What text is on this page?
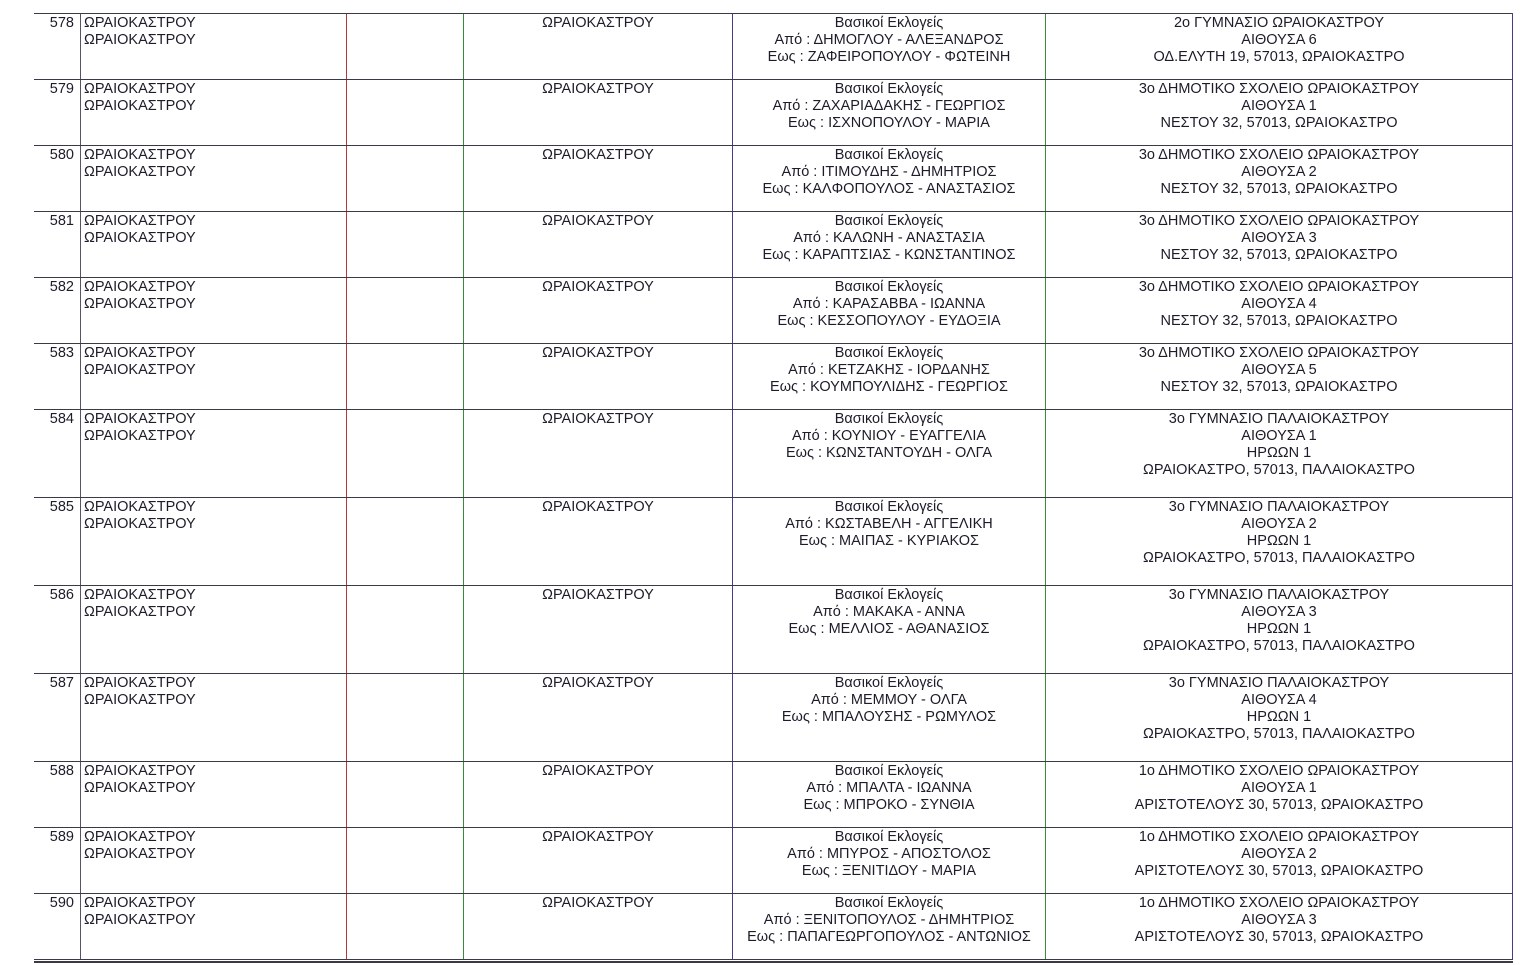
578	ΩΡΑΙΟΚΑΣΤΡΟΥ
ΩΡΑΙΟΚΑΣΤΡΟΥ		ΩΡΑΙΟΚΑΣΤΡΟΥ	Βασικοί Εκλογείς
Από : ΔΗΜΟΓΛΟΥ - ΑΛΕΞΑΝΔΡΟΣ
Εως : ΖΑΦΕΙΡΟΠΟΥΛΟΥ - ΦΩΤΕΙΝΗ	2ο ΓΥΜΝΑΣΙΟ ΩΡΑΙΟΚΑΣΤΡΟΥ
ΑΙΘΟΥΣΑ 6
ΟΔ.ΕΛΥΤΗ 19, 57013, ΩΡΑΙΟΚΑΣΤΡΟ

579	ΩΡΑΙΟΚΑΣΤΡΟΥ
ΩΡΑΙΟΚΑΣΤΡΟΥ		ΩΡΑΙΟΚΑΣΤΡΟΥ	Βασικοί Εκλογείς
Από : ΖΑΧΑΡΙΑΔΑΚΗΣ - ΓΕΩΡΓΙΟΣ
Εως : ΙΣΧΝΟΠΟΥΛΟΥ - ΜΑΡΙΑ	3ο ΔΗΜΟΤΙΚΟ ΣΧΟΛΕΙΟ ΩΡΑΙΟΚΑΣΤΡΟΥ
ΑΙΘΟΥΣΑ 1
ΝΕΣΤΟΥ 32, 57013, ΩΡΑΙΟΚΑΣΤΡΟ

580	ΩΡΑΙΟΚΑΣΤΡΟΥ
ΩΡΑΙΟΚΑΣΤΡΟΥ		ΩΡΑΙΟΚΑΣΤΡΟΥ	Βασικοί Εκλογείς
Από : ΙΤΙΜΟΥΔΗΣ - ΔΗΜΗΤΡΙΟΣ
Εως : ΚΑΛΦΟΠΟΥΛΟΣ - ΑΝΑΣΤΑΣΙΟΣ	3ο ΔΗΜΟΤΙΚΟ ΣΧΟΛΕΙΟ ΩΡΑΙΟΚΑΣΤΡΟΥ
ΑΙΘΟΥΣΑ 2
ΝΕΣΤΟΥ 32, 57013, ΩΡΑΙΟΚΑΣΤΡΟ

581	ΩΡΑΙΟΚΑΣΤΡΟΥ
ΩΡΑΙΟΚΑΣΤΡΟΥ		ΩΡΑΙΟΚΑΣΤΡΟΥ	Βασικοί Εκλογείς
Από : ΚΑΛΩΝΗ - ΑΝΑΣΤΑΣΙΑ
Εως : ΚΑΡΑΠΤΣΙΑΣ - ΚΩΝΣΤΑΝΤΙΝΟΣ	3ο ΔΗΜΟΤΙΚΟ ΣΧΟΛΕΙΟ ΩΡΑΙΟΚΑΣΤΡΟΥ
ΑΙΘΟΥΣΑ 3
ΝΕΣΤΟΥ 32, 57013, ΩΡΑΙΟΚΑΣΤΡΟ

582	ΩΡΑΙΟΚΑΣΤΡΟΥ
ΩΡΑΙΟΚΑΣΤΡΟΥ		ΩΡΑΙΟΚΑΣΤΡΟΥ	Βασικοί Εκλογείς
Από : ΚΑΡΑΣΑΒΒΑ - ΙΩΑΝΝΑ
Εως : ΚΕΣΣΟΠΟΥΛΟΥ - ΕΥΔΟΞΙΑ	3ο ΔΗΜΟΤΙΚΟ ΣΧΟΛΕΙΟ ΩΡΑΙΟΚΑΣΤΡΟΥ
ΑΙΘΟΥΣΑ 4
ΝΕΣΤΟΥ 32, 57013, ΩΡΑΙΟΚΑΣΤΡΟ

583	ΩΡΑΙΟΚΑΣΤΡΟΥ
ΩΡΑΙΟΚΑΣΤΡΟΥ		ΩΡΑΙΟΚΑΣΤΡΟΥ	Βασικοί Εκλογείς
Από : ΚΕΤΖΑΚΗΣ - ΙΟΡΔΑΝΗΣ
Εως : ΚΟΥΜΠΟΥΛΙΔΗΣ - ΓΕΩΡΓΙΟΣ	3ο ΔΗΜΟΤΙΚΟ ΣΧΟΛΕΙΟ ΩΡΑΙΟΚΑΣΤΡΟΥ
ΑΙΘΟΥΣΑ 5
ΝΕΣΤΟΥ 32, 57013, ΩΡΑΙΟΚΑΣΤΡΟ

584	ΩΡΑΙΟΚΑΣΤΡΟΥ
ΩΡΑΙΟΚΑΣΤΡΟΥ		ΩΡΑΙΟΚΑΣΤΡΟΥ	Βασικοί Εκλογείς
Από : ΚΟΥΝΙΟΥ - ΕΥΑΓΓΕΛΙΑ
Εως : ΚΩΝΣΤΑΝΤΟΥΔΗ - ΟΛΓΑ	3ο ΓΥΜΝΑΣΙΟ ΠΑΛΑΙΟΚΑΣΤΡΟΥ
ΑΙΘΟΥΣΑ 1
ΗΡΩΩΝ 1
ΩΡΑΙΟΚΑΣΤΡΟ, 57013, ΠΑΛΑΙΟΚΑΣΤΡΟ

585	ΩΡΑΙΟΚΑΣΤΡΟΥ
ΩΡΑΙΟΚΑΣΤΡΟΥ		ΩΡΑΙΟΚΑΣΤΡΟΥ	Βασικοί Εκλογείς
Από : ΚΩΣΤΑΒΕΛΗ - ΑΓΓΕΛΙΚΗ
Εως : ΜΑΙΠΑΣ - ΚΥΡΙΑΚΟΣ	3ο ΓΥΜΝΑΣΙΟ ΠΑΛΑΙΟΚΑΣΤΡΟΥ
ΑΙΘΟΥΣΑ 2
ΗΡΩΩΝ 1
ΩΡΑΙΟΚΑΣΤΡΟ, 57013, ΠΑΛΑΙΟΚΑΣΤΡΟ

586	ΩΡΑΙΟΚΑΣΤΡΟΥ
ΩΡΑΙΟΚΑΣΤΡΟΥ		ΩΡΑΙΟΚΑΣΤΡΟΥ	Βασικοί Εκλογείς
Από : ΜΑΚΑΚΑ - ΑΝΝΑ
Εως : ΜΕΛΛΙΟΣ - ΑΘΑΝΑΣΙΟΣ	3ο ΓΥΜΝΑΣΙΟ ΠΑΛΑΙΟΚΑΣΤΡΟΥ
ΑΙΘΟΥΣΑ 3
ΗΡΩΩΝ 1
ΩΡΑΙΟΚΑΣΤΡΟ, 57013, ΠΑΛΑΙΟΚΑΣΤΡΟ

587	ΩΡΑΙΟΚΑΣΤΡΟΥ
ΩΡΑΙΟΚΑΣΤΡΟΥ		ΩΡΑΙΟΚΑΣΤΡΟΥ	Βασικοί Εκλογείς
Από : ΜΕΜΜΟΥ - ΟΛΓΑ
Εως : ΜΠΑΛΟΥΣΗΣ - ΡΩΜΥΛΟΣ	3ο ΓΥΜΝΑΣΙΟ ΠΑΛΑΙΟΚΑΣΤΡΟΥ
ΑΙΘΟΥΣΑ 4
ΗΡΩΩΝ 1
ΩΡΑΙΟΚΑΣΤΡΟ, 57013, ΠΑΛΑΙΟΚΑΣΤΡΟ

588	ΩΡΑΙΟΚΑΣΤΡΟΥ
ΩΡΑΙΟΚΑΣΤΡΟΥ		ΩΡΑΙΟΚΑΣΤΡΟΥ	Βασικοί Εκλογείς
Από : ΜΠΑΛΤΑ - ΙΩΑΝΝΑ
Εως : ΜΠΡΟΚΟ - ΣΥΝΘΙΑ	1ο ΔΗΜΟΤΙΚΟ ΣΧΟΛΕΙΟ ΩΡΑΙΟΚΑΣΤΡΟΥ
ΑΙΘΟΥΣΑ 1
ΑΡΙΣΤΟΤΕΛΟΥΣ 30, 57013, ΩΡΑΙΟΚΑΣΤΡΟ

589	ΩΡΑΙΟΚΑΣΤΡΟΥ
ΩΡΑΙΟΚΑΣΤΡΟΥ		ΩΡΑΙΟΚΑΣΤΡΟΥ	Βασικοί Εκλογείς
Από : ΜΠΥΡΟΣ - ΑΠΟΣΤΟΛΟΣ
Εως : ΞΕΝΙΤΙΔΟΥ - ΜΑΡΙΑ	1ο ΔΗΜΟΤΙΚΟ ΣΧΟΛΕΙΟ ΩΡΑΙΟΚΑΣΤΡΟΥ
ΑΙΘΟΥΣΑ 2
ΑΡΙΣΤΟΤΕΛΟΥΣ 30, 57013, ΩΡΑΙΟΚΑΣΤΡΟ

590	ΩΡΑΙΟΚΑΣΤΡΟΥ
ΩΡΑΙΟΚΑΣΤΡΟΥ		ΩΡΑΙΟΚΑΣΤΡΟΥ	Βασικοί Εκλογείς
Από : ΞΕΝΙΤΟΠΟΥΛΟΣ - ΔΗΜΗΤΡΙΟΣ
Εως : ΠΑΠΑΓΕΩΡΓΟΠΟΥΛΟΣ - ΑΝΤΩΝΙΟΣ	1ο ΔΗΜΟΤΙΚΟ ΣΧΟΛΕΙΟ ΩΡΑΙΟΚΑΣΤΡΟΥ
ΑΙΘΟΥΣΑ 3
ΑΡΙΣΤΟΤΕΛΟΥΣ 30, 57013, ΩΡΑΙΟΚΑΣΤΡΟ
